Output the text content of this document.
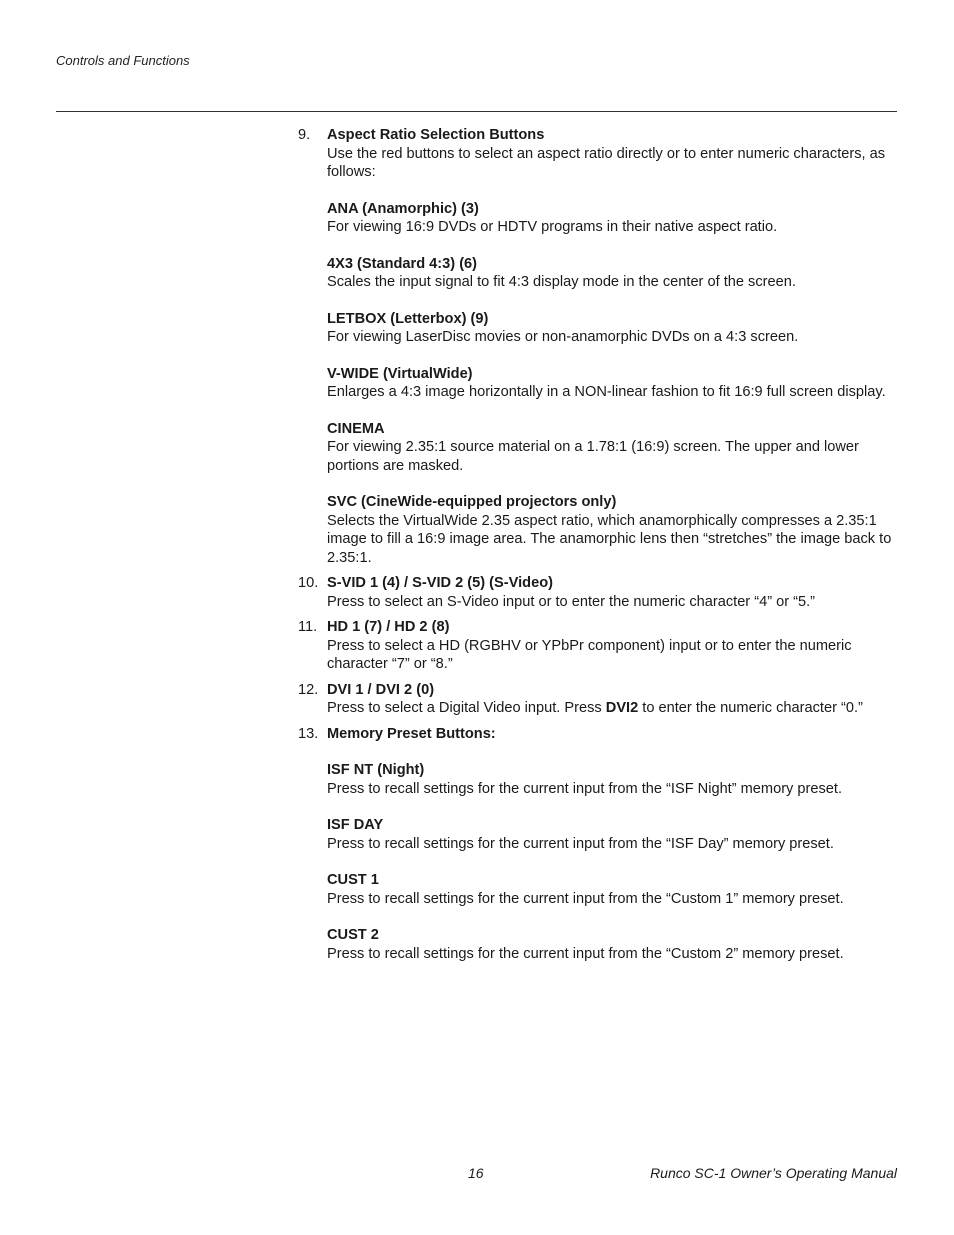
Controls and Functions
9. Aspect Ratio Selection Buttons
Use the red buttons to select an aspect ratio directly or to enter numeric characters, as follows:
ANA (Anamorphic) (3)
For viewing 16:9 DVDs or HDTV programs in their native aspect ratio.
4X3 (Standard 4:3) (6)
Scales the input signal to fit 4:3 display mode in the center of the screen.
LETBOX (Letterbox) (9)
For viewing LaserDisc movies or non-anamorphic DVDs on a 4:3 screen.
V-WIDE (VirtualWide)
Enlarges a 4:3 image horizontally in a NON-linear fashion to fit 16:9 full screen display.
CINEMA
For viewing 2.35:1 source material on a 1.78:1 (16:9) screen. The upper and lower portions are masked.
SVC (CineWide-equipped projectors only)
Selects the VirtualWide 2.35 aspect ratio, which anamorphically compresses a 2.35:1 image to fill a 16:9 image area. The anamorphic lens then “stretches” the image back to 2.35:1.
10. S-VID 1 (4) / S-VID 2 (5) (S-Video)
Press to select an S-Video input or to enter the numeric character “4” or “5.”
11. HD 1 (7) / HD 2 (8)
Press to select a HD (RGBHV or YPbPr component) input or to enter the numeric character “7” or “8.”
12. DVI 1 / DVI 2 (0)
Press to select a Digital Video input. Press DVI2 to enter the numeric character “0.”
13. Memory Preset Buttons:
ISF NT (Night)
Press to recall settings for the current input from the “ISF Night” memory preset.
ISF DAY
Press to recall settings for the current input from the “ISF Day” memory preset.
CUST 1
Press to recall settings for the current input from the “Custom 1” memory preset.
CUST 2
Press to recall settings for the current input from the “Custom 2” memory preset.
16	Runco SC-1 Owner’s Operating Manual
